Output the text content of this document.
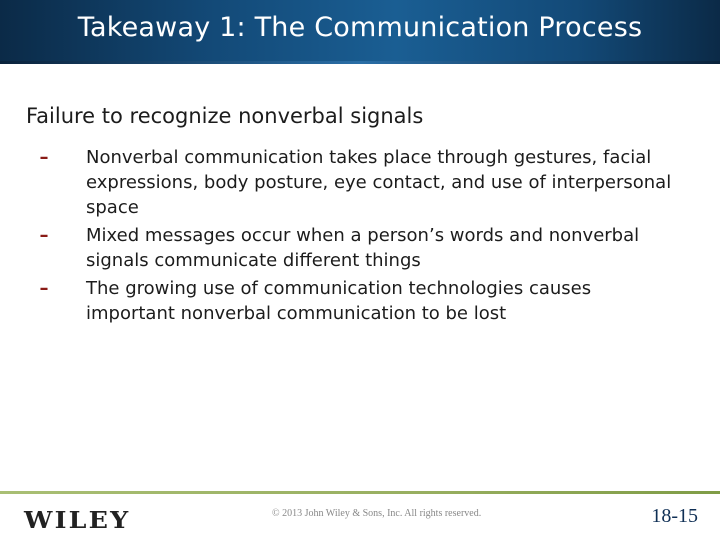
Takeaway 1: The Communication Process
Failure to recognize nonverbal signals
–	Nonverbal communication takes place through gestures, facial expressions, body posture, eye contact, and use of interpersonal space
–	Mixed messages occur when a person’s words and nonverbal signals communicate different things
–	The growing use of communication technologies causes important nonverbal communication to be lost
WILEY	© 2013 John Wiley & Sons, Inc. All rights reserved.	18-15
